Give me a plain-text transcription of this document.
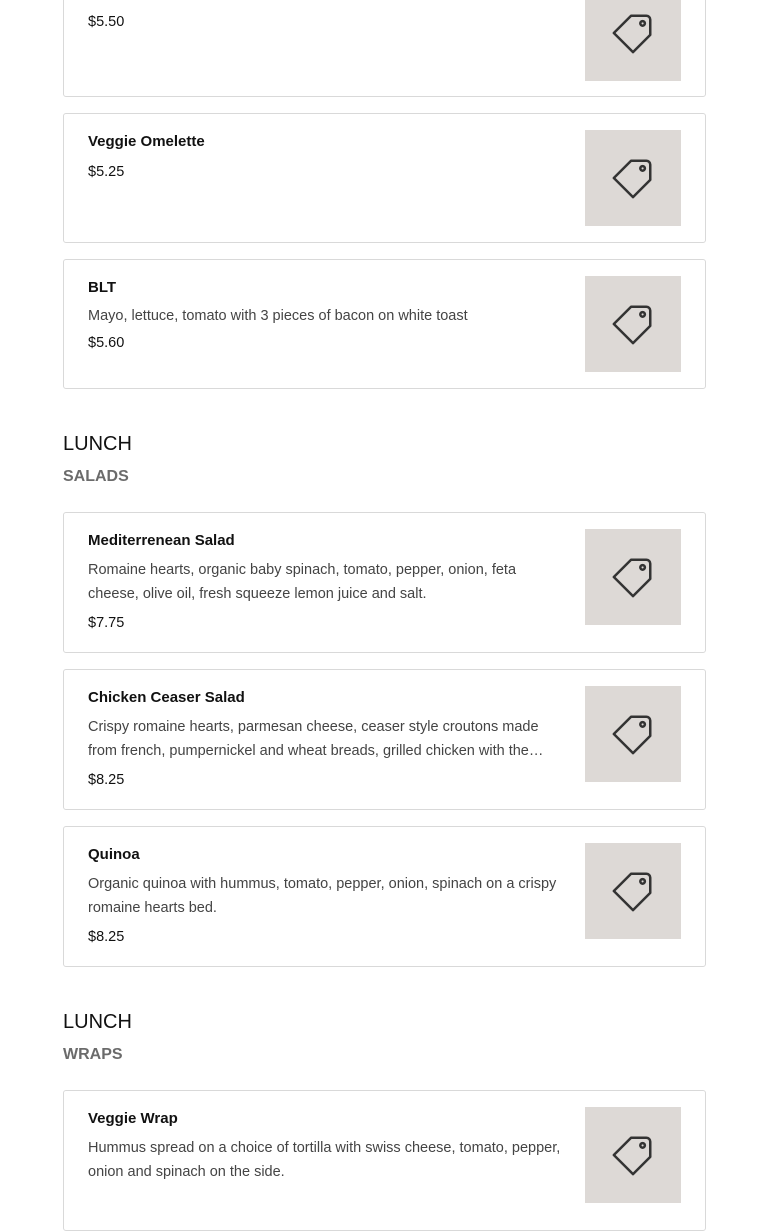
$5.50
Veggie Omelette
$5.25
BLT
Mayo, lettuce, tomato with 3 pieces of bacon on white toast
$5.60
LUNCH
SALADS
Mediterrenean Salad
Romaine hearts, organic baby spinach, tomato, pepper, onion, feta cheese, olive oil, fresh squeeze lemon juice and salt.
$7.75
Chicken Ceaser Salad
Crispy romaine hearts, parmesan cheese, ceaser style croutons made from french, pumpernickel and wheat breads, grilled chicken with the
$8.25
Quinoa
Organic quinoa with hummus, tomato, pepper, onion, spinach on a crispy romaine hearts bed.
$8.25
LUNCH
WRAPS
Veggie Wrap
Hummus spread on a choice of tortilla with swiss cheese, tomato, pepper, onion and spinach on the side.
